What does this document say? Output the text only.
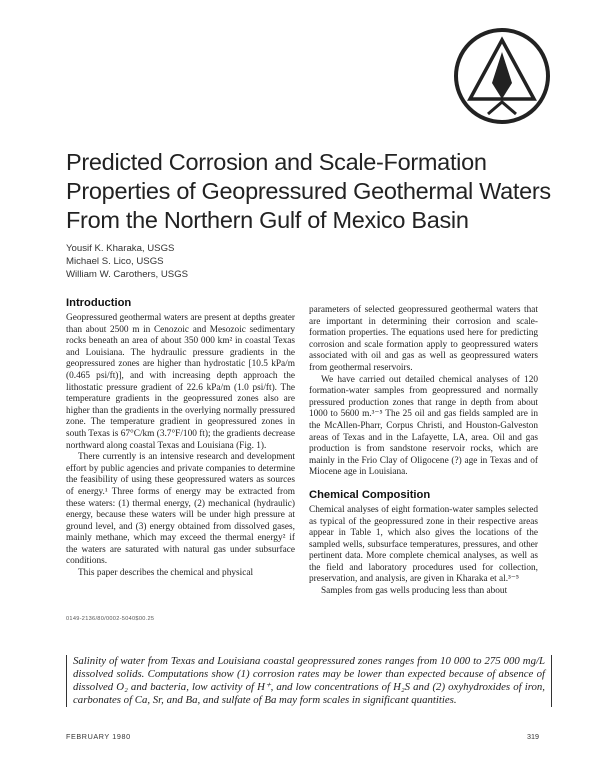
Predicted Corrosion and Scale-Formation
Properties of Geopressured Geothermal Waters
From the Northern Gulf of Mexico Basin
Yousif K. Kharaka, USGS
Michael S. Lico, USGS
William W. Carothers, USGS
Introduction

Geopressured geothermal waters are present at depths greater than about 2500 m in Cenozoic and Mesozoic sedimentary rocks beneath an area of about 350 000 km² in coastal Texas and Louisiana. The hydraulic pressure gradients in the geopressured zones are higher than hydrostatic [10.5 kPa/m (0.465 psi/ft)], and with increasing depth approach the lithostatic pressure gradient of 22.6 kPa/m (1.0 psi/ft). The temperature gradients in the geopressured zones also are higher than the gradients in the overlying normally pressured zone. The temperature gradient in geopressured zones in south Texas is 67°C/km (3.7°F/100 ft); the gradients decrease northward along coastal Texas and Louisiana (Fig. 1).

There currently is an intensive research and development effort by public agencies and private companies to determine the feasibility of using these geopressured waters as sources of energy.¹ Three forms of energy may be extracted from these waters: (1) thermal energy, (2) mechanical (hydraulic) energy, because these waters will be under high pressure at ground level, and (3) energy obtained from dissolved gases, mainly methane, which may exceed the thermal energy² if the waters are saturated with natural gas under subsurface conditions.

This paper describes the chemical and physical

parameters of selected geopressured geothermal waters that are important in determining their corrosion and scale-formation properties. The equations used here for predicting corrosion and scale formation apply to geopressured waters associated with oil and gas as well as geopressured waters from geothermal reservoirs.

We have carried out detailed chemical analyses of 120 formation-water samples from geopressured and normally pressured production zones that range in depth from about 1000 to 5600 m.³⁻⁵ The 25 oil and gas fields sampled are in the McAllen-Pharr, Corpus Christi, and Houston-Galveston areas of Texas and in the Lafayette, LA, area. Oil and gas production is from sandstone reservoir rocks, which are mainly in the Frio Clay of Oligocene (?) age in Texas and of Miocene age in Louisiana.

Chemical Composition

Chemical analyses of eight formation-water samples selected as typical of the geopressured zone in their respective areas appear in Table 1, which also gives the locations of the sampled wells, subsurface temperatures, pressures, and other pertinent data. More complete chemical analyses, as well as the field and laboratory procedures used for collection, preservation, and analysis, are given in Kharaka et al.³⁻⁵

Samples from gas wells producing less than about

0149-2136/80/0002-5040$00.25

Salinity of water from Texas and Louisiana coastal geopressured zones ranges from 10 000 to 275 000 mg/L dissolved solids. Computations show (1) corrosion rates may be lower than expected because of absence of dissolved O₂ and bacteria, low activity of H⁺, and low concentrations of H₂S and (2) oxyhydroxides of iron, carbonates of Ca, Sr, and Ba, and sulfate of Ba may form scales in significant quantities.

FEBRUARY 1980	319
